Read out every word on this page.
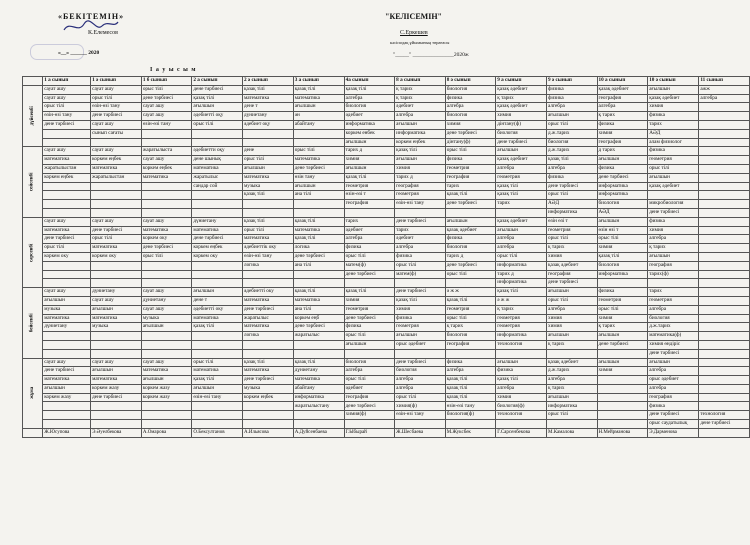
«БЕКІТЕМІН»	"КЕЛІСЕМІН"
К.Елемесов	С.Еркешев
кәсіподақ ұйымының төрағасы
«__» ______ 2020	"_____" _______________2020ж
I а у ы с ы м
	1 а сынып	1 ә сынып	1 б сынып	2 а сынып	2 ә сынып	3 а сынып	4а сынып	8 а сынып	8 ә сынып	9 а сынып	9 ә сынып	10 а сынып	10 ә сынып	11 сынып
дүйсенбі	сауат ашу	сауат ашу	орыс тілі	дене тәрбиесі	қазақ тілі	қазақ тілі	қазақ тілі	қ тарих	биология	қазақ әдебиет	физика	қазақ әдебиет	ағылшын	ажж
	сауат ашу	орыс тілі	дене тәрбиесі	қазақ тілі	математика	математика	алгебра	қ тарих	физика	қ тарих	физика	география	қазақ әдебиет	алгебра
	орыс тілі	өзін-өзі тану	сауат ашу	ағылшын	дене т	ағылшын	биология	әдебиет	алгебра	қазақ әдебиет	алгебра	алгебра	химия	
	өзін-өзі тану	дене тәрбиесі	сауат ашу	әдебиетті оқу	дүниетану	ән	әдебиет	алгебра	биология	химия	ағылшын	қ тарих	физика	
	дене тәрбиесі	сауат ашу	өзін-өзі тану	орыс тілі	әдебиет оқу	абайтану	информатика	ағылшын	химия	дінтану(ф)	орыс тілі	физика	тарих	
		сынып сағаты					коркем енбек	информатика	дене тәрбиесі	биология	д.ж.тарих	химия	АӘД	
							ағылшын	коркем еңбек	дінтану(ф)	дене тәрбиесі	биология	география	алам физиолог	
сейсенбі	сауат ашу	сауат ашу	жаратылыста	әдебиетти оқу	дене	орыс тілі	тарих д	қазақ тілі	орыс тілі	ағылшын	д.ж.тарих	д тарих	физика	
	математика	коркем еңбек	сауат ашу	дене шынық	орыс тілі	математика	химия	ағылшын	физика	қазақ әдебиет	қазақ тілі	ағылшын	геометрия	
	жаратылыстан	математика	коркем еңбек	математика	ағылшын	дене тәрбиесі	ағылшын	химия	геометрия	алгебра	алгебра	физика	орыс тілі	
	коркем еңбек	жаратылыстан	математика	жаратылыс	математика	өзін тану	қазақ тілі	тарих д	география	геометрия	физика	дене тәрбиесі	ағылшын	
				сандар сой	музыка	ағылшын	геометрия	география	тарих	қазақ тілі	дене тәрбиесі	информатика	қазақ әдебиет	
					қазақ тілі	ана тілі	өзін-өзі т	геометрия	қазақ тілі	қазақ тілі	орыс тілі	информатика		
							география	өзін-өзі тану	дене тәрбиесі	тарих	АӘД	биология	микробиология	
											информатика	АӘД	дене тәрбиесі	
сәрсенбі	сауат ашу	сауат ашу	сауат ашу	дүниетану	қазақ тілі	қазақ тілі	тарих	дене тәрбиесі	ағылшын	қазақ әдебиет	өзін өзі т	ағылшын	физика	
	математика	дене тәрбиесі	математика	математика	орыс тілі	математика	әдебиет	тарих	қазақ әдебиет	ағылшын	геометрия	өзін өзі т	химия	
	дене тәрбиесі	орыс тілі	коркем оку	дене тәрбиесі	математика	қазақ тілі	алгебра	әдебиет	физика	алгебра	орыс тілі	орыс тілі	алгебра	
	орыс тілі	математика	дене тәрбиесі	коркем еңбек	әдебиеттік оку	логика	физика	алгебра	биология	алгебра	қ тарих	химия	қ тарих	
	коркем оку	коркем оку	орыс тілі	коркем оку	өзін-өзі тану	дене тәрбиесі	орыс тілі	физика	тарих д	орыс тілі	химия	қазақ тілі	ағылшын	
					логика	ана тілі	матем(ф)	орыс тілі	дене тәрбиесі	информатика	қазақ әдебиет	биология	география	
							дене тәрбиесі	матем(ф)	орыс тілі	тарих д	география	информатика	тарих(ф)	
										информатика	дене тәрбиесі			
бейсенбі	сауат ашу	дүниетану	сауат ашу	ағылшын	әдебиетті оку	қазақ тілі	қазақ тілі	дене тәрбиесі	ә ж ж	қазақ тілі	ағылшын	физика	тарих	
	ағылшын	сауат ашу	дүниетану	дене т	математика	математика	химия	қазақ тілі	қазақ тілі	ә ж ж	орыс тілі	геометрия	геометрия	
	музыка	ағылшын	сауат ашу	әдебиетті оку	дене тәрбиесі	ана тілі	геометрия	химия	геометрия	қ тарих	алгебра	орыс тілі	алгебра	
	математика	математика	музыка	математика	жаратылыс	коркем еңб	дене тәрбиесі	физика	орыс тілі	геометрия	химия	химия	биология	
	дүниетану	музыка	ағылшын	қазақ тілі	математика	дене тәрбиесі	физика	геометрия	қ тарих	геометрия	химия	қ тарих	д.ж.тарих	
					логика	жаратылыс	орыс тілі	ағылшын	биология	информатика	ағылшын	ағылшын	математика(ф)	
							ағылшын	орыс әдебиет	география	технология	қ тарих	дене тәрбиесі	химия өндіріс	
													дене тәрбиесі	
жұма	сауат ашу	сауат ашу	сауат ашу	орыс тілі	қазақ тілі	қазақ тілі	биология	дене тәрбиесі	физика	ағылшын	қазақ әдебиет	ағылшын	ағылшын	
	дене тәрбиесі	ағылшын	математика	математика	математика	дүниетану	алгебра	биология	алгебра	физика	д.ж.тарих	химия	алгебра	
	математика	математика	ағылшын	қазақ тілі	дене тәрбиесі	математика	орыс тілі	алгебра	қазақ тілі	қазақ тілі	алгебра		орыс әдебиет	
	ағылшын	коркем жазу	коркем жазу	ағылшын	музыка	абайтану	әдебиет	алгебра	қазақ тілі	алгебра	қ тарих		алгебра	
	коркем жазу	дене тәрбиесі	коркем жазу	өзін-өзі тану	коркем еңбек	информатика	география	орыс тілі	қазақ тілі	химия	ағылшын		география	
						жаратылыстану	дене тәрбиесі	химия(ф)	өзін-өзі тану	биология(ф)	информатика		физика	
							химия(ф)	өзін-өзі тану	биология(ф)	технология	орыс тілі		дене тәрбиесі	технология
													орыс саудатылық	дене тәрбиесі
	Ж.Юсупова	Э.Әуелбекова	А.Омарова	О.Бексултанов	А.Ильясова	А.Дуйсенбаева	Г.Ыбырай	Ж.Шесбаева	М.Жуксбек	Г.Сарсенбекова	М.Камалова	Н.Мейрманова	Э.Дарменова	
